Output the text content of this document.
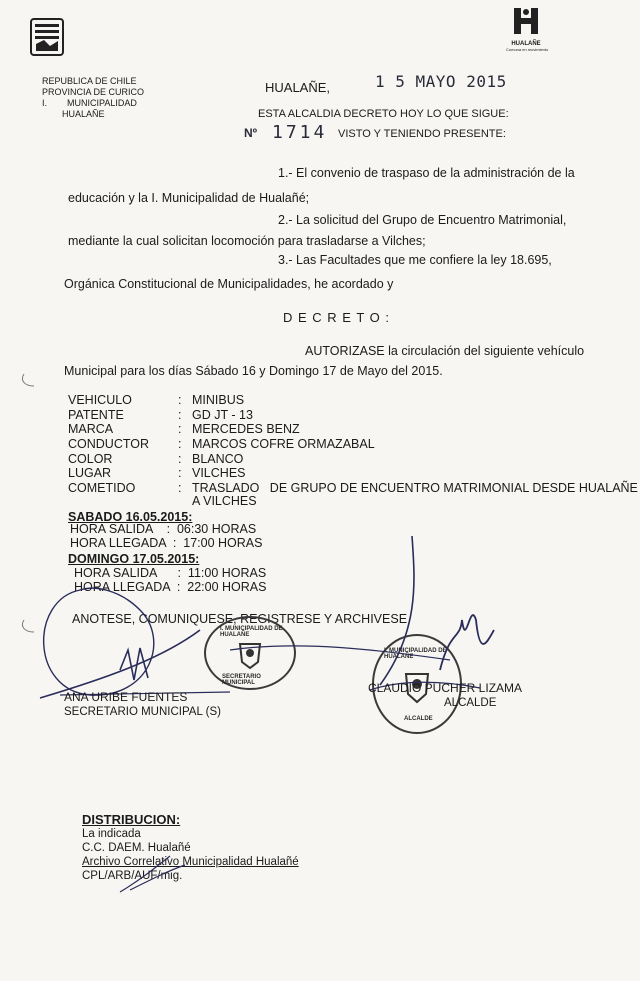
HUALAÑE
Comuna en movimiento
REPUBLICA DE CHILE
PROVINCIA DE CURICO
I.        MUNICIPALIDAD
HUALAÑE
HUALAÑE,	1 5 MAYO 2015
ESTA ALCALDIA DECRETO HOY LO QUE SIGUE:
Nº 1714 VISTO Y TENIENDO PRESENTE:
1.- El convenio de traspaso de la administración de la
educación y la I. Municipalidad de Hualañé;
2.- La solicitud del Grupo de Encuentro Matrimonial,
mediante la cual solicitan locomoción para trasladarse a Vilches;
3.- Las Facultades que me confiere la ley 18.695,
Orgánica Constitucional de Municipalidades, he acordado y
D E C R E T O :
AUTORIZASE la circulación del siguiente vehículo
Municipal para los días Sábado 16 y Domingo 17 de Mayo del 2015.
VEHICULO	: MINIBUS
PATENTE	: GD JT - 13
MARCA	: MERCEDES BENZ
CONDUCTOR : MARCOS COFRE ORMAZABAL
COLOR	: BLANCO
LUGAR	: VILCHES
COMETIDO	: TRASLADO   DE GRUPO DE ENCUENTRO MATRIMONIAL DESDE HUALAÑE
A VILCHES
SABADO 16.05.2015:
HORA SALIDA    :  06:30 HORAS
HORA LLEGADA  :  17:00 HORAS
DOMINGO 17.05.2015:
HORA SALIDA      :  11:00 HORAS
HORA LLEGADA  :  22:00 HORAS
ANOTESE, COMUNIQUESE, REGISTRESE Y ARCHIVESE
I. MUNICIPALIDAD DE HUALAÑE
SECRETARIO MUNICIPAL
I. MUNICIPALIDAD DE HUALAÑE
ALCALDE
ANA URIBE FUENTES
SECRETARIO MUNICIPAL (S)
CLAUDIO PUCHER LIZAMA
ALCALDE
DISTRIBUCION:
La indicada
C.C. DAEM. Hualañé
Archivo Correlativo Municipalidad Hualañé
CPL/ARB/AUF/mig.
